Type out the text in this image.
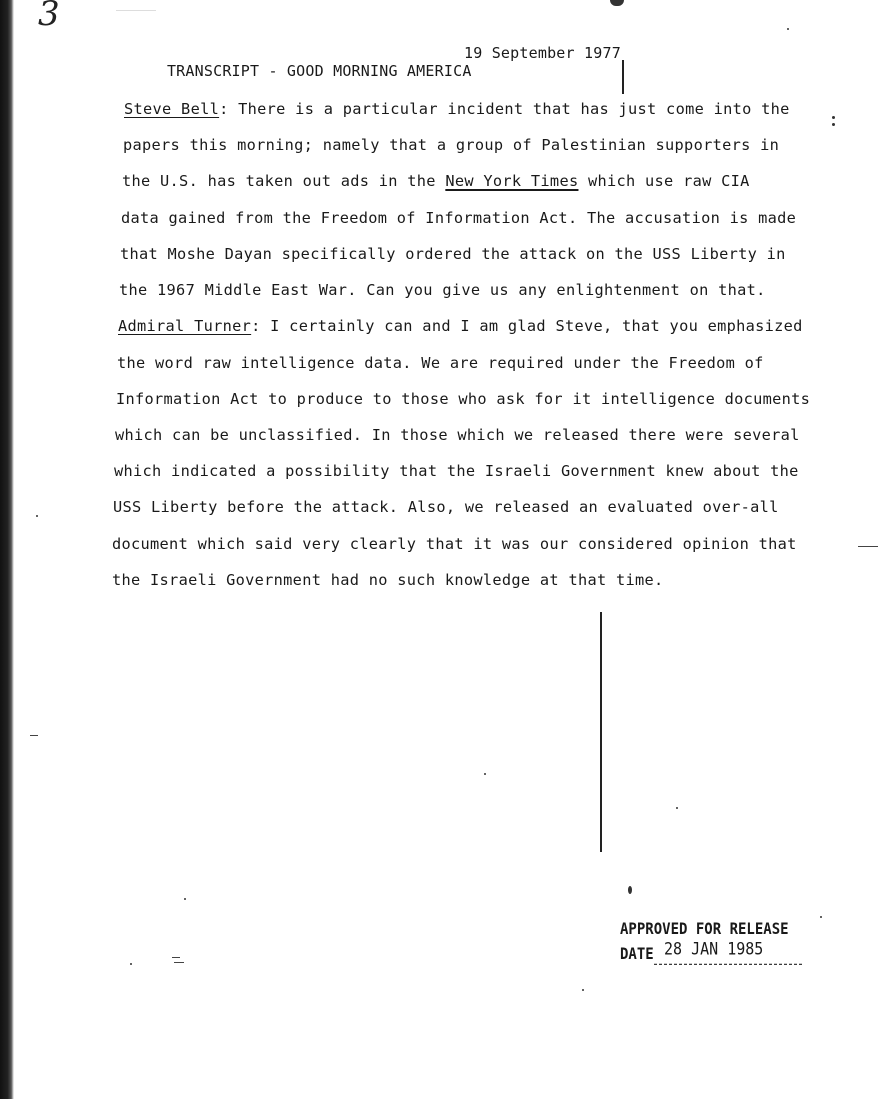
3

TRANSCRIPT - GOOD MORNING AMERICA

19 September 1977

Steve Bell: There is a particular incident that has just come into the
papers this morning; namely that a group of Palestinian supporters in
the U.S. has taken out ads in the New York Times which use raw CIA
data gained from the Freedom of Information Act. The accusation is made
that Moshe Dayan specifically ordered the attack on the USS Liberty in
the 1967 Middle East War. Can you give us any enlightenment on that.
Admiral Turner: I certainly can and I am glad Steve, that you emphasized
the word raw intelligence data. We are required under the Freedom of
Information Act to produce to those who ask for it intelligence documents
which can be unclassified. In those which we released there were several
which indicated a possibility that the Israeli Government knew about the
USS Liberty before the attack. Also, we released an evaluated over-all
document which said very clearly that it was our considered opinion that
the Israeli Government had no such knowledge at that time.
APPROVED FOR RELEASE
DATE 28 JAN 1985
